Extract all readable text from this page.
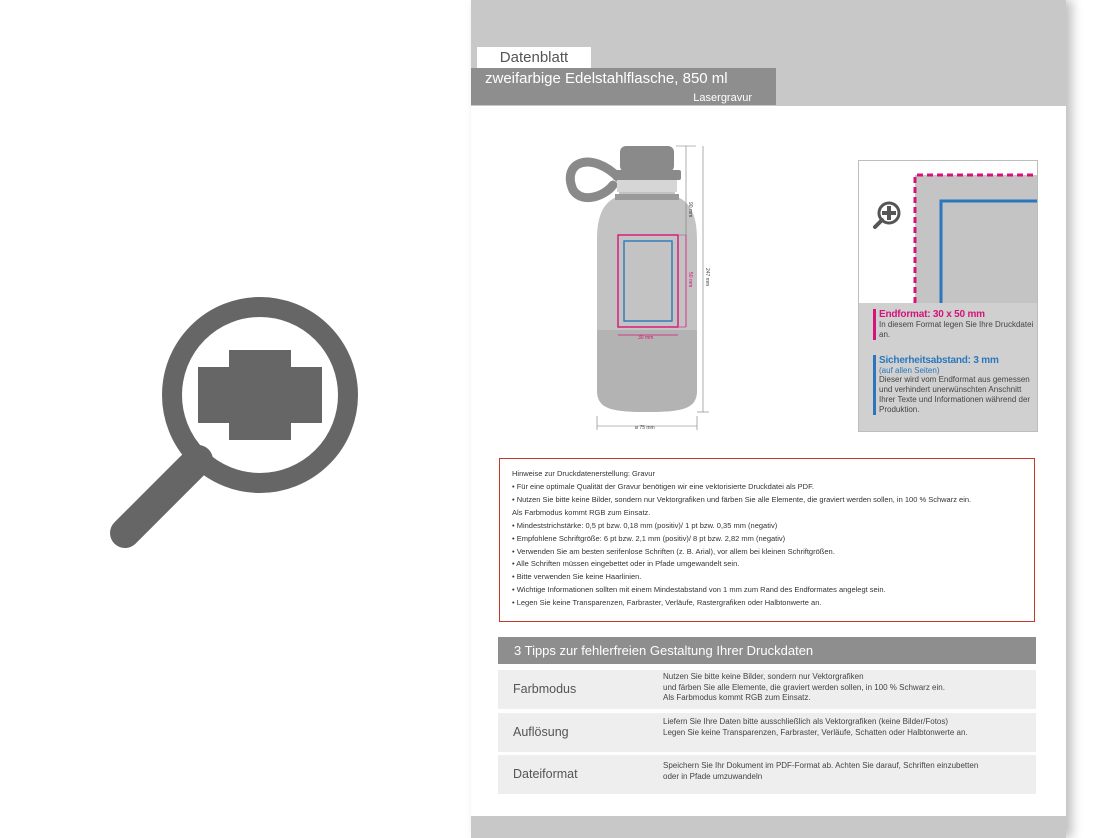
Datenblatt
zweifarbige Edelstahlflasche, 850 ml
Lasergravur
90 mm
50 mm 247 mm
30 mm
ø 75 mm
Endformat: 30 x 50 mm
In diesem Format legen Sie Ihre Druckdatei an.
Sicherheitsabstand: 3 mm
(auf allen Seiten)
Dieser wird vom Endformat aus gemessen und verhindert unerwünschten Anschnitt Ihrer Texte und Informationen während der Produktion.
Hinweise zur Druckdatenerstellung: Gravur
• Für eine optimale Qualität der Gravur benötigen wir eine vektorisierte Druckdatei als PDF.
• Nutzen Sie bitte keine Bilder, sondern nur Vektorgrafiken und färben Sie alle Elemente, die graviert werden sollen, in 100 % Schwarz ein.
Als Farbmodus kommt RGB zum Einsatz.
• Mindeststrichstärke: 0,5 pt bzw. 0,18 mm (positiv)/ 1 pt bzw. 0,35 mm (negativ)
• Empfohlene Schriftgröße: 6 pt bzw. 2,1 mm (positiv)/ 8 pt bzw. 2,82 mm (negativ)
• Verwenden Sie am besten serifenlose Schriften (z. B. Arial), vor allem bei kleinen Schriftgrößen.
• Alle Schriften müssen eingebettet oder in Pfade umgewandelt sein.
• Bitte verwenden Sie keine Haarlinien.
• Wichtige Informationen sollten mit einem Mindestabstand von 1 mm zum Rand des Endformates angelegt sein.
• Legen Sie keine Transparenzen, Farbraster, Verläufe, Rastergrafiken oder Halbtonwerte an.
3 Tipps zur fehlerfreien Gestaltung Ihrer Druckdaten
Farbmodus
Nutzen Sie bitte keine Bilder, sondern nur Vektorgrafiken
und färben Sie alle Elemente, die graviert werden sollen, in 100 % Schwarz ein.
Als Farbmodus kommt RGB zum Einsatz.
Auflösung
Liefern Sie Ihre Daten bitte ausschließlich als Vektorgrafiken (keine Bilder/Fotos)
Legen Sie keine Transparenzen, Farbraster, Verläufe, Schatten oder Halbtonwerte an.
Dateiformat
Speichern Sie Ihr Dokument im PDF-Format ab. Achten Sie darauf, Schriften einzubetten
oder in Pfade umzuwandeln
